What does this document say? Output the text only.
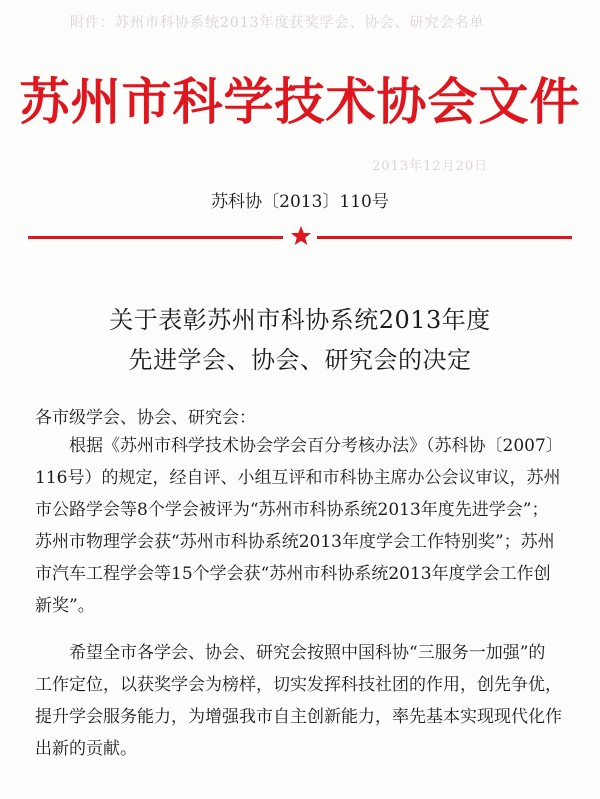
附件：苏州市科协系统2013年度获奖学会、协会、研究会名单
2013年12月20日
苏州市科学技术协会文件
苏科协〔2013〕110号
关于表彰苏州市科协系统2013年度
先进学会、协会、研究会的决定
各市级学会、协会、研究会：
根据《苏州市科学技术协会学会百分考核办法》（苏科协〔2007〕
116号）的规定，经自评、小组互评和市科协主席办公会议审议，苏州
市公路学会等8个学会被评为“苏州市科协系统2013年度先进学会”；
苏州市物理学会获“苏州市科协系统2013年度学会工作特别奖”；苏州
市汽车工程学会等15个学会获“苏州市科协系统2013年度学会工作创
新奖”。
希望全市各学会、协会、研究会按照中国科协“三服务一加强”的
工作定位，以获奖学会为榜样，切实发挥科技社团的作用，创先争优，
提升学会服务能力，为增强我市自主创新能力，率先基本实现现代化作
出新的贡献。
